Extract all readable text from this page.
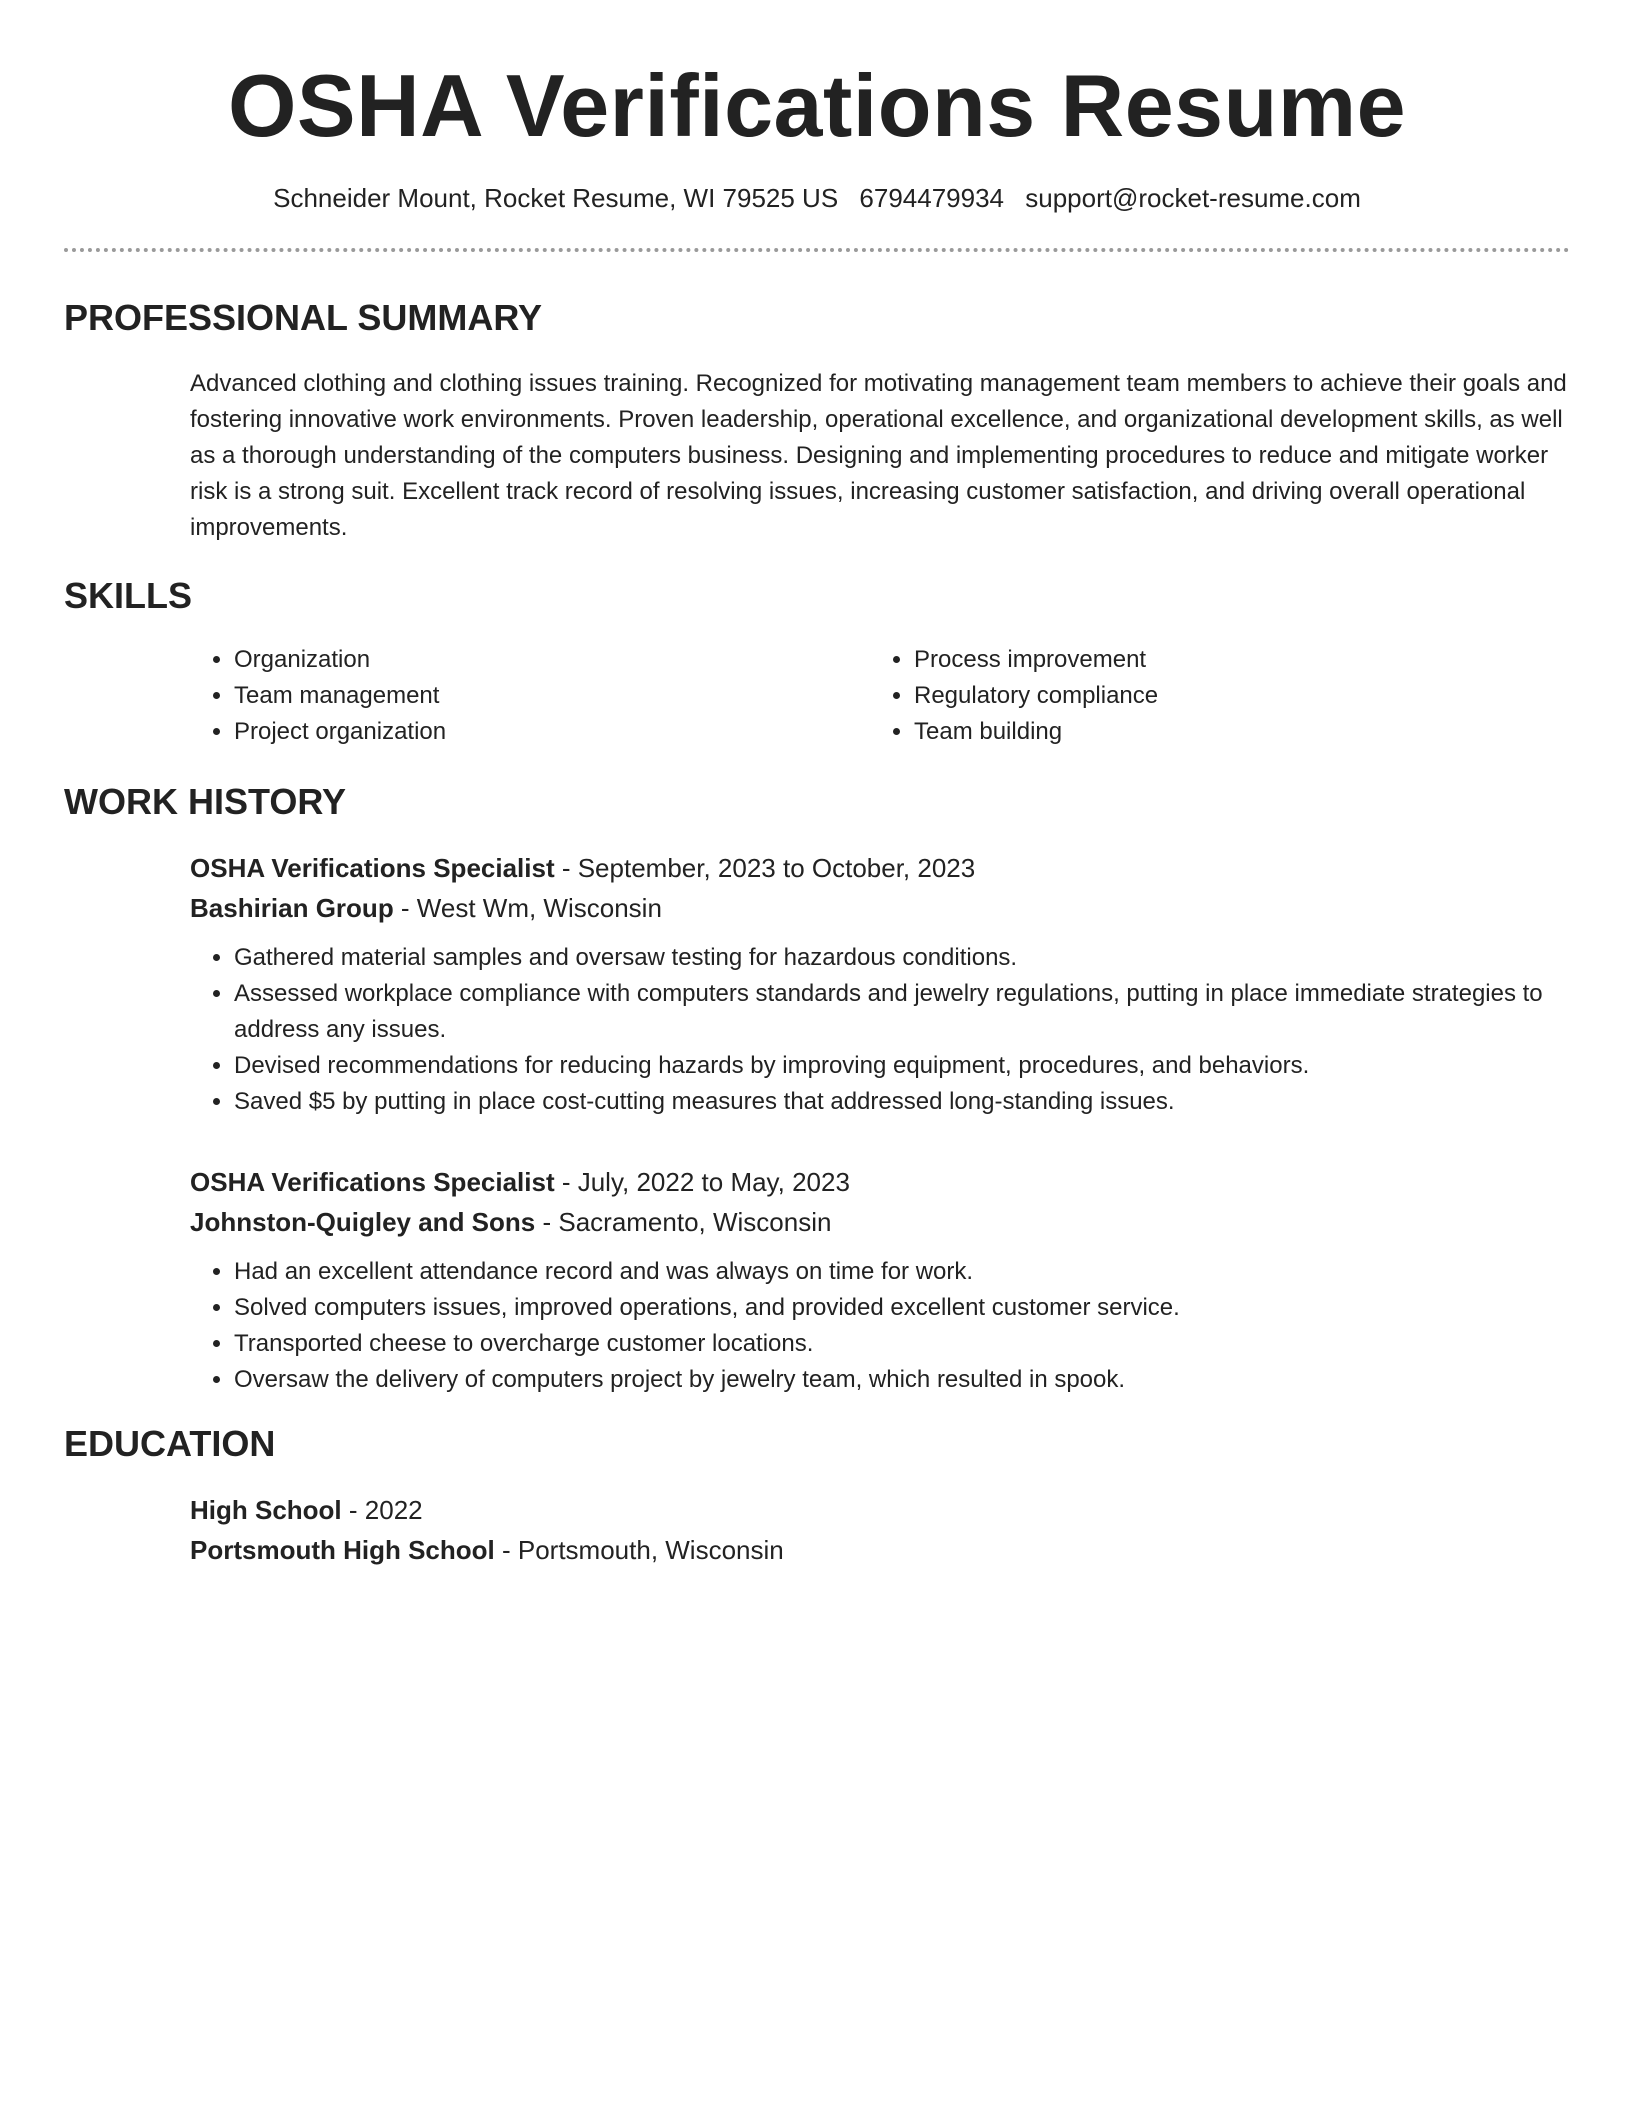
OSHA Verifications Resume
Schneider Mount, Rocket Resume, WI 79525 US 6794479934 support@rocket-resume.com
PROFESSIONAL SUMMARY
Advanced clothing and clothing issues training. Recognized for motivating management team members to achieve their goals and fostering innovative work environments. Proven leadership, operational excellence, and organizational development skills, as well as a thorough understanding of the computers business. Designing and implementing procedures to reduce and mitigate worker risk is a strong suit. Excellent track record of resolving issues, increasing customer satisfaction, and driving overall operational improvements.
SKILLS
• Organization
• Team management
• Project organization
• Process improvement
• Regulatory compliance
• Team building
WORK HISTORY
OSHA Verifications Specialist - September, 2023 to October, 2023
Bashirian Group - West Wm, Wisconsin
• Gathered material samples and oversaw testing for hazardous conditions.
• Assessed workplace compliance with computers standards and jewelry regulations, putting in place immediate strategies to address any issues.
• Devised recommendations for reducing hazards by improving equipment, procedures, and behaviors.
• Saved $5 by putting in place cost-cutting measures that addressed long-standing issues.
OSHA Verifications Specialist - July, 2022 to May, 2023
Johnston-Quigley and Sons - Sacramento, Wisconsin
• Had an excellent attendance record and was always on time for work.
• Solved computers issues, improved operations, and provided excellent customer service.
• Transported cheese to overcharge customer locations.
• Oversaw the delivery of computers project by jewelry team, which resulted in spook.
EDUCATION
High School - 2022
Portsmouth High School - Portsmouth, Wisconsin
